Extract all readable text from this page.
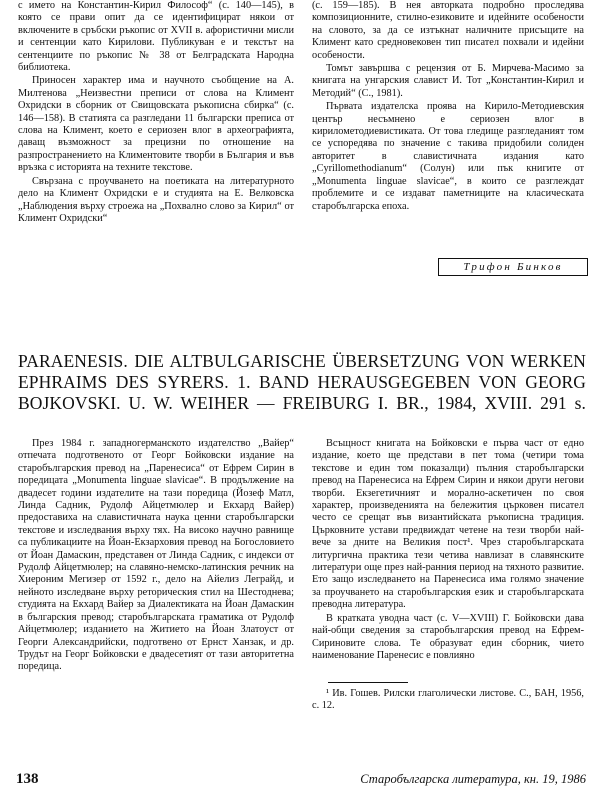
с името на Константин-Кирил Философ“ (с. 140—145), в която се прави опит да се идентифицират някои от включените в сръбски ръкопис от XVII в. афористични мисли и сентенции като Кирилови. Публикуван е и текстът на сентенциите по ръкопис № 38 от Белградската Народна библиотека.

Приносен характер има и научното съобщение на А. Милтенова „Неизвестни преписи от слова на Климент Охридски в сборник от Свищовската ръкописна сбирка“ (с. 146—158). В статията са разгледани 11 български преписа от слова на Климент, което е сериозен влог в археографията, даващ възможност за прецизни по отношение на разпространението на Климентовите творби в България и във връзка с историята на техните текстове.

Свързана с проучването на поетиката на литературното дело на Климент Охридски е и студията на Е. Велковска „Наблюдения върху строежа на „Похвално слово за Кирил“ от Климент Охридски“

(с. 159—185). В нея авторката подробно проследява композиционните, стилно-езиковите и идейните особености на словото, за да се изтъкнат наличните присъщите на Климент като средновековен тип писател похвали и идейни особености.

Томът завършва с рецензия от Б. Мирчева-Масимо за книгата на унгарския славист И. Тот „Константин-Кирил и Методий“ (С., 1981).

Първата издателска проява на Кирило-Методиевския център несъмнено е сериозен влог в кирилометодиевистиката. От това гледище разгледаният том се успоредява по значение с такива придобили солиден авторитет в славистичната издания като „Cyrillomethodianum“ (Солун) или пък книгите от „Monumenta linguae slavicae“, в които се разглеждат проблемите и се издават паметниците на класическата старобългарска епоха.

Трифон Бинков
PARAENESIS. DIE ALTBULGARISCHE ÜBERSETZUNG VON WERKEN
EPHRAIMS DES SYRERS. 1. BAND HERAUSGEGEBEN VON GEORG
BOJKOVSKI. U. W. WEIHER — FREIBURG I. BR., 1984, XVIII. 291 s.

През 1984 г. западногерманското издателство „Вайер“ отпечата подготвеното от Георг Бойковски издание на старобългарския превод на „Паренесиса“ от Ефрем Сирин в поредицата „Monumenta linguae slavicae“. В продължение на двадесет години издателите на тази поредица (Йозеф Матл, Линда Садник, Рудолф Айцетмюлер и Екхард Вайер) предоставиха на славистичната наука ценни старобългарски текстове и изследвания върху тях. На високо научно равнище са публикациите на Йоан-Екзарховия превод на Богословието от Йоан Дамаскин, представен от Линда Садник, с индекси от Рудолф Айцетмюлер; на славяно-немско-латинския речник на Хиероним Мегизер от 1592 г., дело на Айелиз Леграйд, и нейното изследване върху реторическия стил на Шестоднева; студията на Екхард Вайер за Диалектиката на Йоан Дамаскин в българския превод; старобългарската граматика от Рудолф Айцетмюлер; изданието на Житието на Йоан Златоуст от Георги Александрийски, подготвено от Ернст Ханзак, и др. Трудът на Георг Бойковски е двадесетият от тази авторитетна поредица.

Всъщност книгата на Бойковски е първа част от едно издание, което ще представи в пет тома (четири тома текстове и един том показалци) пълния старобългарски превод на Паренесиса на Ефрем Сирин и някои други негови творби. Екзегетичният и морално-аскетичен по своя характер, произведенията на бележития църковен писател често се срещат във византийската ръкописна традиция. Църковните устави предвиждат четене на тези творби най-вече за дните на Великия пост¹. Чрез старобългарската литургична практика тези четива навлизат в славянските литератури още през най-ранния период на тяхното развитие. Ето защо изследването на Паренесиса има голямо значение за проучването на старобългарския език и старобългарската преводна литература.

В кратката уводна част (с. V—XVIII) Г. Бойковски дава най-общи сведения за старобългарския превод на Ефрем-Сириновите слова. Те образуват един сборник, чието наименование Паренесис е повлияно

¹ Ив. Гошев. Рилски глаголически листове. С., БАН, 1956, с. 12.

138	Старобългарска литература, кн. 19, 1986
